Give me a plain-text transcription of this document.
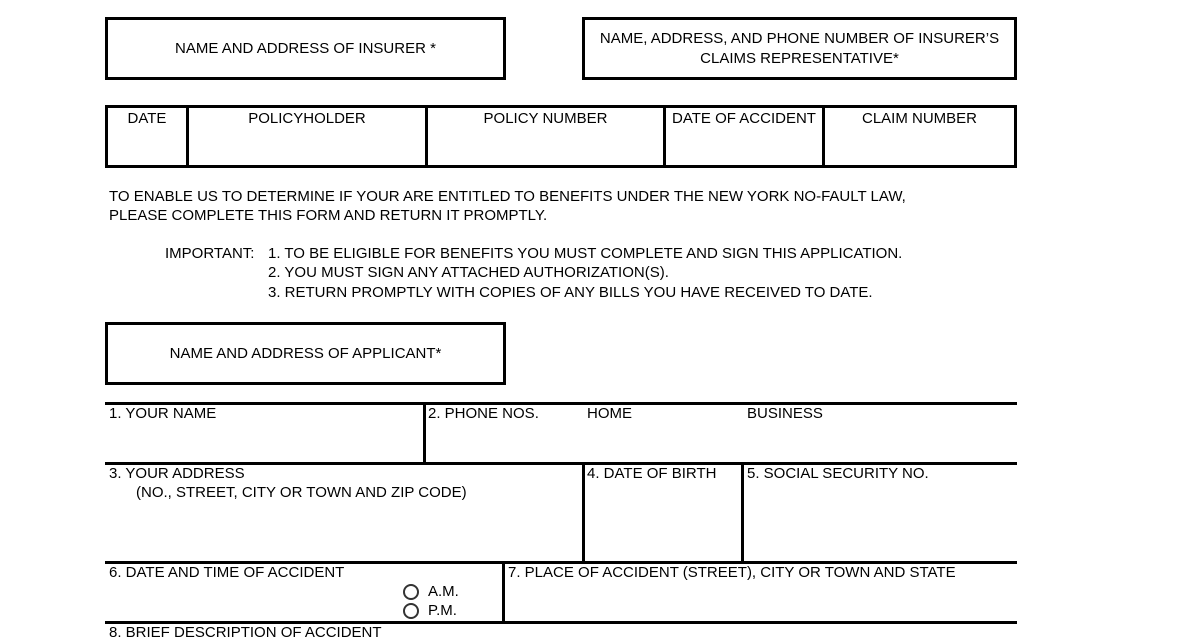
NAME AND ADDRESS OF INSURER *
NAME, ADDRESS, AND PHONE NUMBER OF INSURER’S
CLAIMS REPRESENTATIVE*
DATE	POLICYHOLDER	POLICY NUMBER	DATE OF ACCIDENT	CLAIM NUMBER
TO ENABLE US TO DETERMINE IF YOUR ARE ENTITLED TO BENEFITS UNDER THE NEW YORK NO-FAULT LAW,
PLEASE COMPLETE THIS FORM AND RETURN IT PROMPTLY.
IMPORTANT: 1. TO BE ELIGIBLE FOR BENEFITS YOU MUST COMPLETE AND SIGN THIS APPLICATION.
2. YOU MUST SIGN ANY ATTACHED AUTHORIZATION(S).
3. RETURN PROMPTLY WITH COPIES OF ANY BILLS YOU HAVE RECEIVED TO DATE.
NAME AND ADDRESS OF APPLICANT*
1. YOUR NAME	2. PHONE NOS.	HOME	BUSINESS
3. YOUR ADDRESS
(NO., STREET, CITY OR TOWN AND ZIP CODE)
4. DATE OF BIRTH 5. SOCIAL SECURITY NO.
6. DATE AND TIME OF ACCIDENT
A.M.
P.M.
7. PLACE OF ACCIDENT (STREET), CITY OR TOWN AND STATE
8. BRIEF DESCRIPTION OF ACCIDENT
